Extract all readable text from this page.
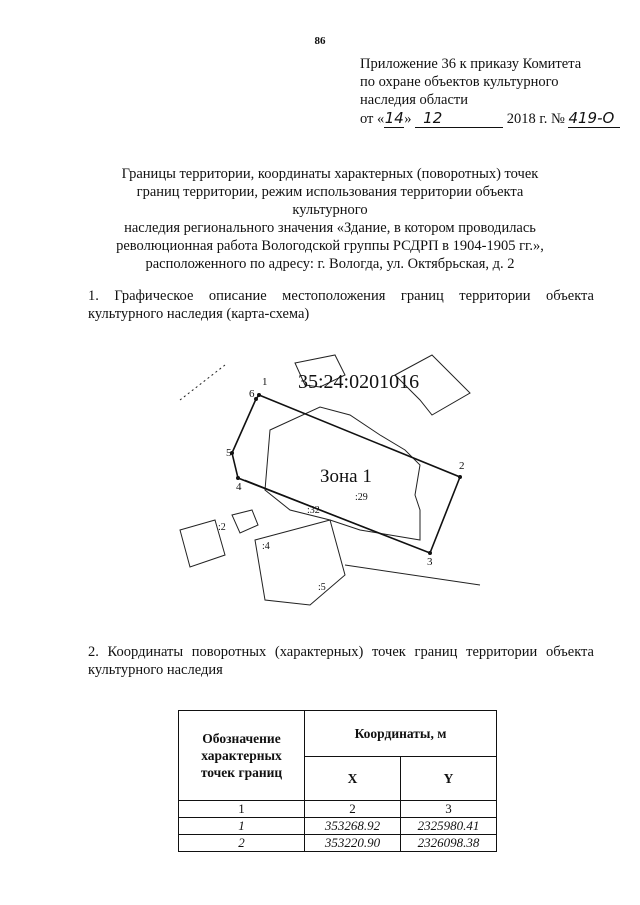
86
Приложение 36 к приказу Комитета
по охране объектов культурного
наследия области
от «14» 12	2018 г. № 419-О
Границы территории, координаты характерных (поворотных) точек
границ территории, режим использования территории объекта культурного
наследия регионального значения «Здание, в котором проводилась
революционная работа Вологодской группы РСДРП в 1904-1905 гг.»,
расположенного по адресу: г. Вологда, ул. Октябрьская, д. 2
1. Графическое описание местоположения границ территории объекта
культурного наследия (карта-схема)
1
2
3
4
5
6
35:24:0201016
Зона 1
:29
:32
:2
:4
:5
2. Координаты поворотных (характерных) точек границ территории объекта
культурного наследия
Обозначение
характерных
точек границ	Координаты, м	
	X	Y
1	2	3
1	353268.92	2325980.41
2	353220.90	2326098.38
